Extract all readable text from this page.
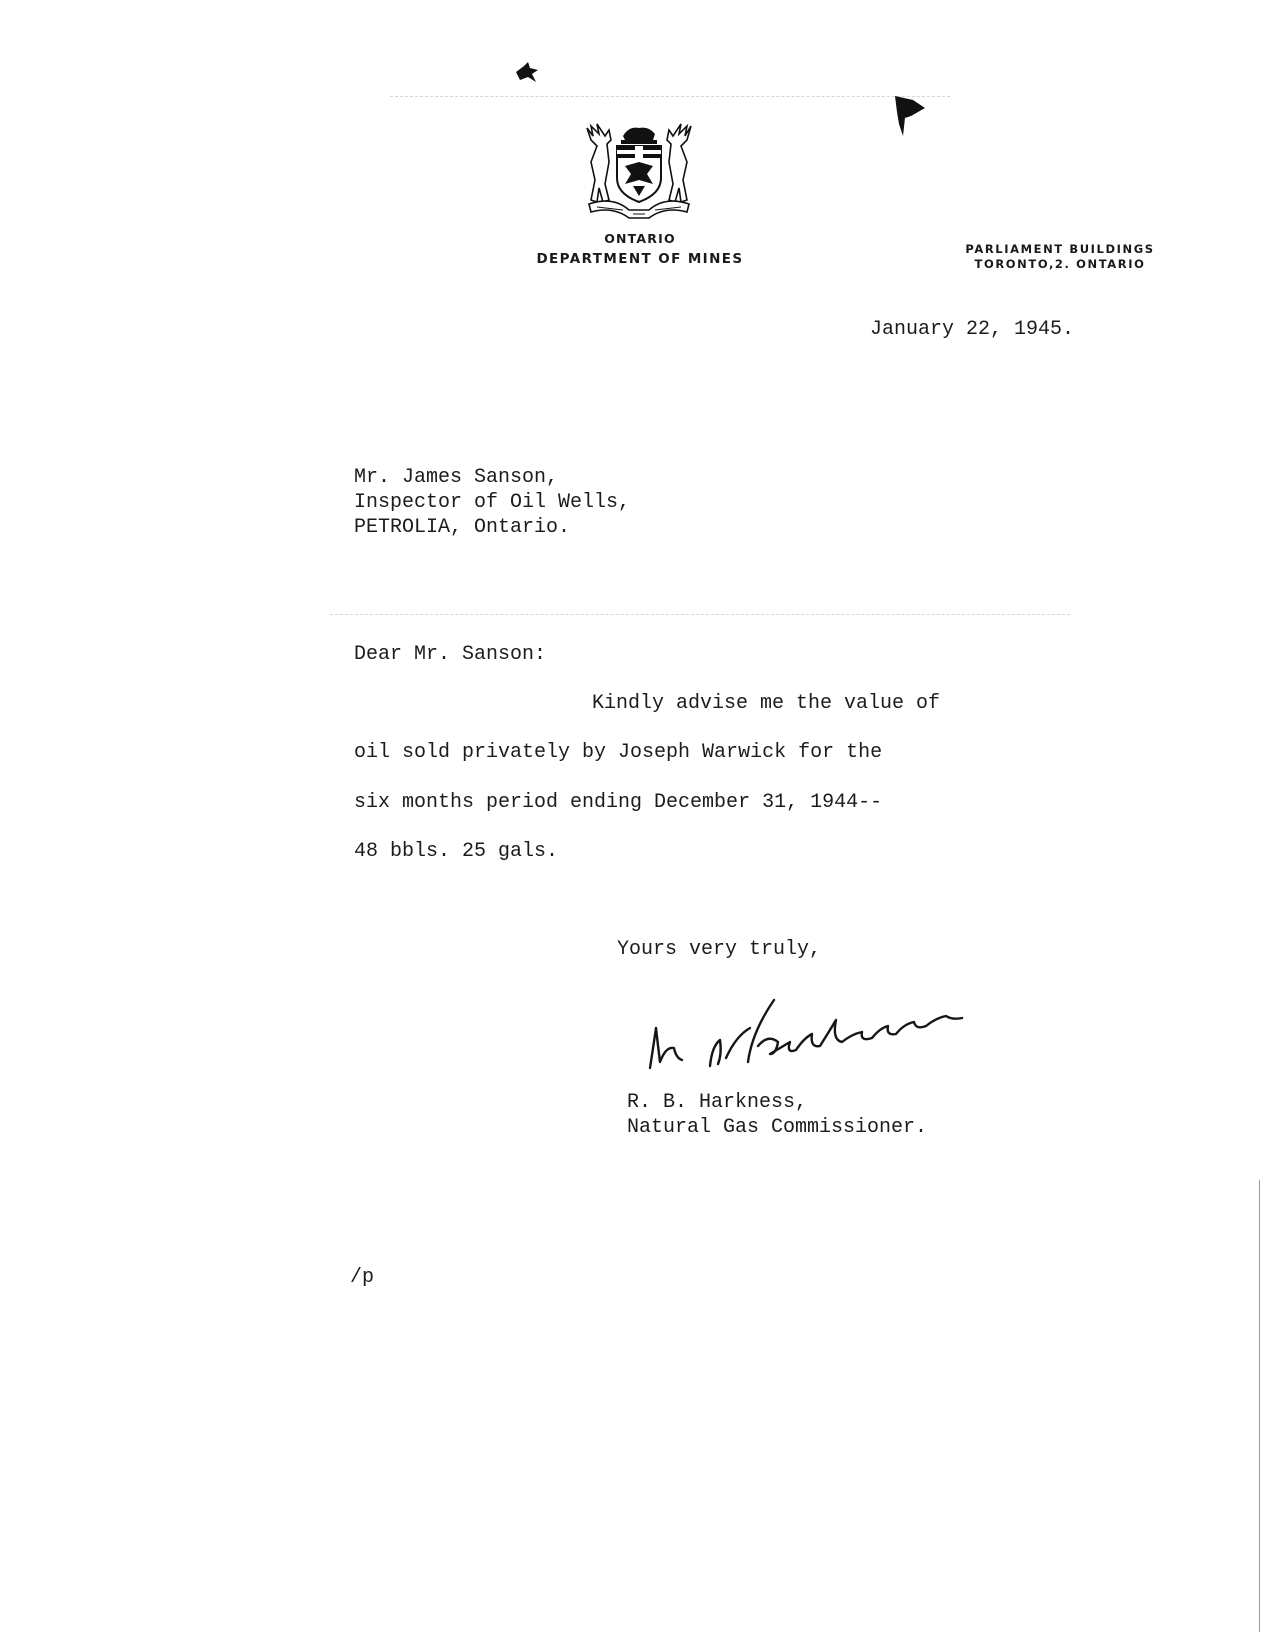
ONTARIO
DEPARTMENT OF MINES
PARLIAMENT BUILDINGS
TORONTO,2. ONTARIO
January 22, 1945.
Mr. James Sanson,
Inspector of Oil Wells,
PETROLIA, Ontario.
Dear Mr. Sanson:
Kindly advise me the value of
oil sold privately by Joseph Warwick for the
six months period ending December 31, 1944--
48 bbls. 25 gals.
Yours very truly,
R. B. Harkness,
Natural Gas Commissioner.
/p
